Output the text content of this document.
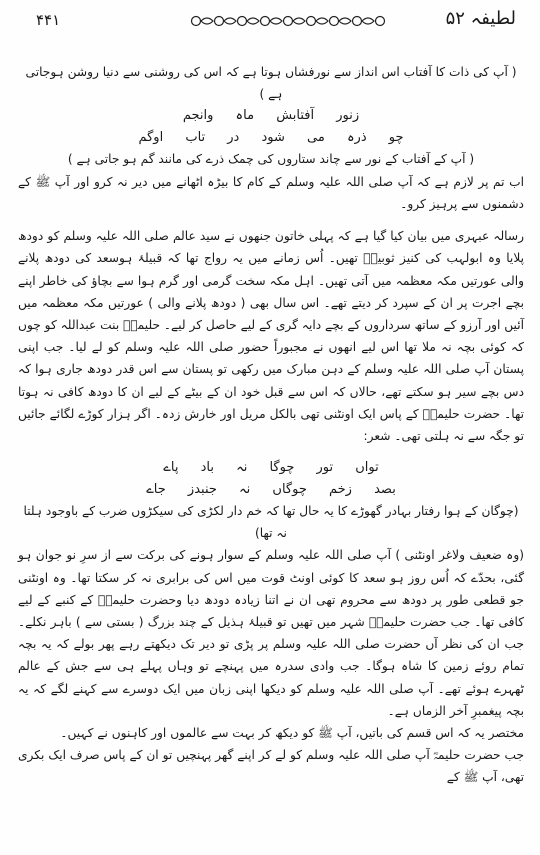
۴۴۱	لطیفہ ۵۲

( آپ کی ذات کا آفتاب اس انداز سے نورفشاں ہوتا ہے کہ اس کی روشنی سے دنیا روشن ہوجاتی ہے )

زنور آفتابش ماہ وانجم

چو ذرہ می شود در تاب اوگم

( آپ کے آفتاب کے نور سے چاند ستاروں کی چمک ذرے کی مانند گم ہو جاتی ہے )

اب تم پر لازم ہے کہ آپ صلی اللہ علیہ وسلم کے کام کا بیڑہ اٹھانے میں دیر نہ کرو اور آپ ﷺ کے دشمنوں سے پرہیز کرو۔

رسالہ عبہری میں بیان کیا گیا ہے کہ پہلی خاتون جنھوں نے سید عالم صلی اللہ علیہ وسلم کو دودھ پلایا وہ ابولہب کی کنیز ثوبیہؓ تھیں۔ اُس زمانے میں یہ رواج تھا کہ قبیلۂ ہوسعد کی دودھ پلانے والی عورتیں مکہ معظمہ میں آتی تھیں۔ اہل مکہ سخت گرمی اور گرم ہوا سے بچاؤ کی خاطر اپنے بچے اجرت پر ان کے سپرد کر دیتے تھے۔ اس سال بھی ( دودھ پلانے والی ) عورتیں مکہ معظمہ میں آئیں اور آرزو کے ساتھ سرداروں کے بچے دایہ گری کے لیے حاصل کر لیے۔ حلیمہؓ بنت عبداللہ کو چوں کہ کوئی بچہ نہ ملا تھا اس لیے انھوں نے مجبوراً حضور صلی اللہ علیہ وسلم کو لے لیا۔ جب اپنی پستان آپ صلی اللہ علیہ وسلم کے دہن مبارک میں رکھی تو پستان سے اس قدر دودھ جاری ہوا کہ دس بچے سیر ہو سکتے تھے، حالاں کہ اس سے قبل خود ان کے بیٹے کے لیے ان کا دودھ کافی نہ ہوتا تھا۔ حضرت حلیمہؓ کے پاس ایک اونٹنی تھی بالکل مریل اور خارش زدہ۔ اگر ہزار کوڑے لگائے جائیں تو جگہ سے نہ ہلتی تھی۔ شعر:

تواں تور چوگا نہ باد پاے

بصد زخم چوگاں نہ جنبدز جاے

(چوگان کے ہوا رفتار بہادر گھوڑے کا یہ حال تھا کہ خم دار لکڑی کی سیکڑوں ضرب کے باوجود ہلتا نہ تھا)

(وہ ضعیف ولاغر اونٹنی ) آپ صلی اللہ علیہ وسلم کے سوار ہونے کی برکت سے از سرِ نو جوان ہو گئی، بحدّے کہ اُس روز ہو سعد کا کوئی اونٹ قوت میں اس کی برابری نہ کر سکتا تھا۔ وہ اونٹنی جو قطعی طور پر دودھ سے محروم تھی ان نے اتنا زیادہ دودھ دیا وحضرت حلیمہؓ کے کنبے کے لیے کافی تھا۔ جب حضرت حلیمہؓ شہر میں تھیں تو قبیلۂ ہذیل کے چند بزرگ ( بستی سے ) باہر نکلے۔ جب ان کی نظر آں حضرت صلی اللہ علیہ وسلم پر پڑی تو دیر تک دیکھتے رہے پھر بولے کہ یہ بچہ تمام روئے زمین کا شاہ ہوگا۔ جب وادی سدرہ میں پہنچے تو وہاں پہلے ہی سے جش کے عالم ٹھہرے ہوئے تھے۔ آپ صلی اللہ علیہ وسلم کو دیکھا اپنی زبان میں ایک دوسرے سے کہنے لگے کہ یہ بچہ پیغمبرِ آخر الزماں ہے۔

مختصر یہ کہ اس قسم کی باتیں، آپ ﷺ کو دیکھ کر بہت سے عالموں اور کاہنوں نے کہیں۔

جب حضرت حلیمہؓ آپ صلی اللہ علیہ وسلم کو لے کر اپنے گھر پہنچیں تو ان کے پاس صرف ایک بکری تھی، آپ ﷺ کے
